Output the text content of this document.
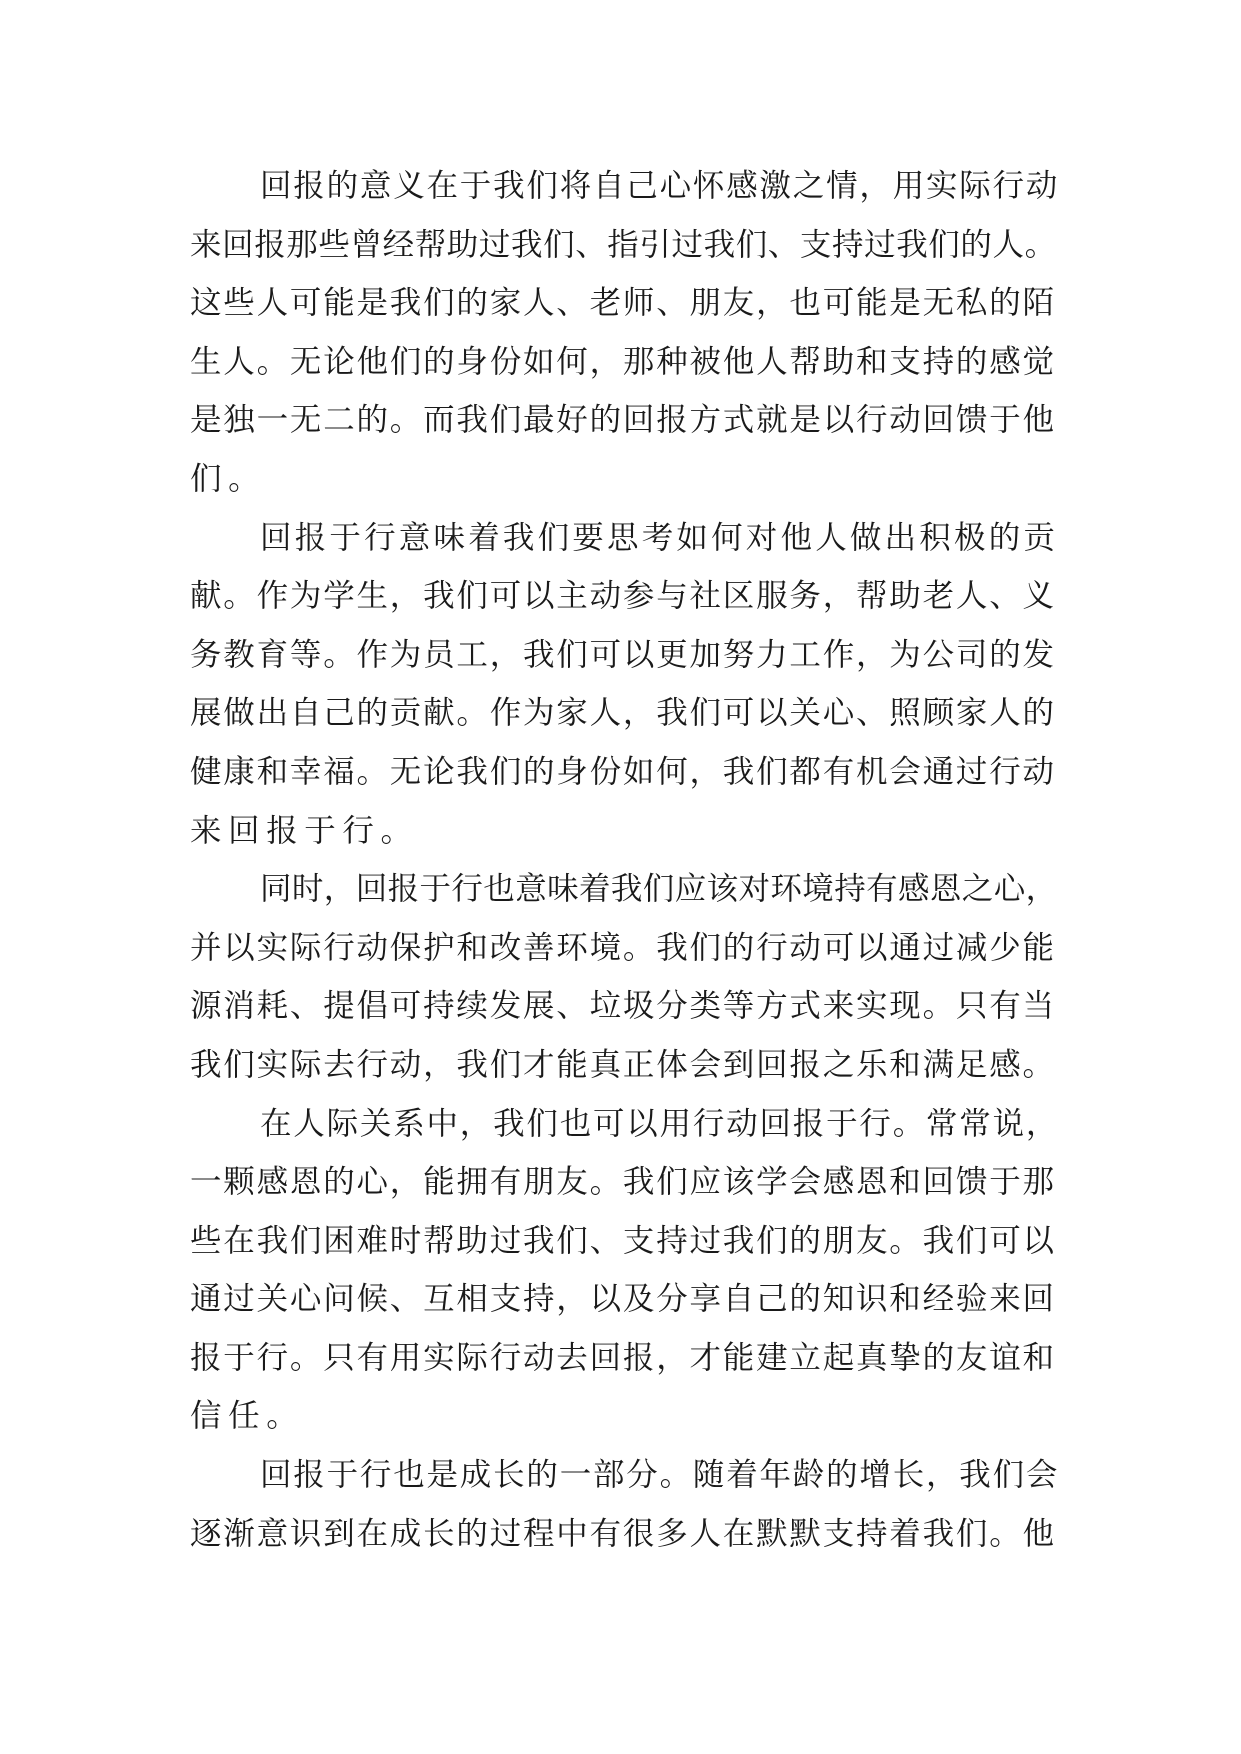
回报的意义在于我们将自己心怀感激之情，用实际行动
来回报那些曾经帮助过我们、指引过我们、支持过我们的人。
这些人可能是我们的家人、老师、朋友，也可能是无私的陌
生人。无论他们的身份如何，那种被他人帮助和支持的感觉
是独一无二的。而我们最好的回报方式就是以行动回馈于他
们。
回报于行意味着我们要思考如何对他人做出积极的贡
献。作为学生，我们可以主动参与社区服务，帮助老人、义
务教育等。作为员工，我们可以更加努力工作，为公司的发
展做出自己的贡献。作为家人，我们可以关心、照顾家人的
健康和幸福。无论我们的身份如何，我们都有机会通过行动
来回报于行。
同时，回报于行也意味着我们应该对环境持有感恩之心，
并以实际行动保护和改善环境。我们的行动可以通过减少能
源消耗、提倡可持续发展、垃圾分类等方式来实现。只有当
我们实际去行动，我们才能真正体会到回报之乐和满足感。
在人际关系中，我们也可以用行动回报于行。常常说，
一颗感恩的心，能拥有朋友。我们应该学会感恩和回馈于那
些在我们困难时帮助过我们、支持过我们的朋友。我们可以
通过关心问候、互相支持，以及分享自己的知识和经验来回
报于行。只有用实际行动去回报，才能建立起真挚的友谊和
信任。
回报于行也是成长的一部分。随着年龄的增长，我们会
逐渐意识到在成长的过程中有很多人在默默支持着我们。他
